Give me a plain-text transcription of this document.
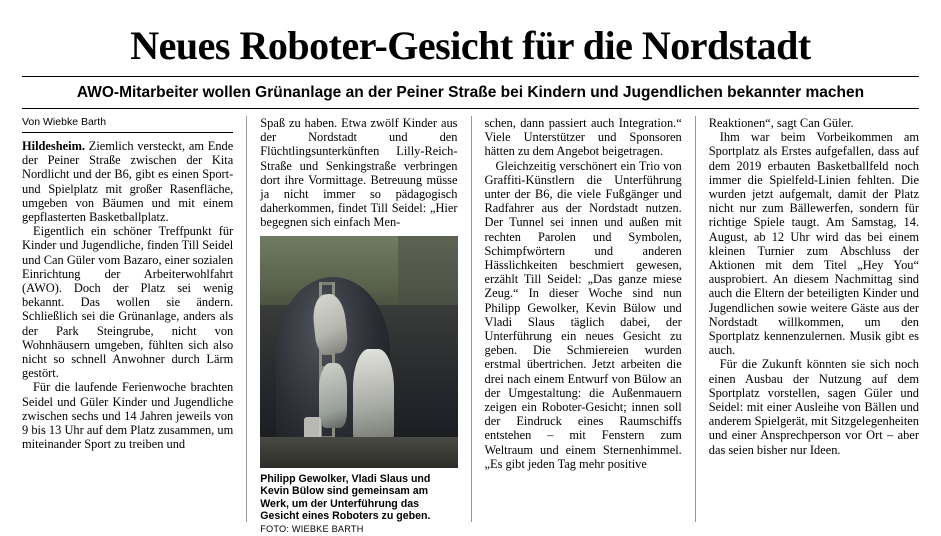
Neues Roboter-Gesicht für die Nordstadt
AWO-Mitarbeiter wollen Grünanlage an der Peiner Straße bei Kindern und Jugendlichen bekannter machen
Von Wiebke Barth

Hildesheim. Ziemlich versteckt, am Ende der Peiner Straße zwischen der Kita Nordlicht und der B6, gibt es einen Sport- und Spielplatz mit großer Rasenfläche, umgeben von Bäumen und mit einem gepflasterten Basketballplatz.

Eigentlich ein schöner Treffpunkt für Kinder und Jugendliche, finden Till Seidel und Can Güler vom Bazaro, einer sozialen Einrichtung der Arbeiterwohlfahrt (AWO). Doch der Platz sei wenig bekannt. Das wollen sie ändern. Schließlich sei die Grünanlage, anders als der Park Steingrube, nicht von Wohnhäusern umgeben, fühlten sich also nicht so schnell Anwohner durch Lärm gestört.

Für die laufende Ferienwoche brachten Seidel und Güler Kinder und Jugendliche zwischen sechs und 14 Jahren jeweils von 9 bis 13 Uhr auf dem Platz zusammen, um miteinander Sport zu treiben und

Spaß zu haben. Etwa zwölf Kinder aus der Nordstadt und den Flüchtlingsunterkünften Lilly-Reich-Straße und Senkingstraße verbringen dort ihre Vormittage. Betreuung müsse ja nicht immer so pädagogisch daherkommen, findet Till Seidel: „Hier begegnen sich einfach Men-

Philipp Gewolker, Vladi Slaus und Kevin Bülow sind gemeinsam am Werk, um der Unterführung das Gesicht eines Roboters zu geben. FOTO: WIEBKE BARTH

schen, dann passiert auch Integration.“ Viele Unterstützer und Sponsoren hätten zu dem Angebot beigetragen.

Gleichzeitig verschönert ein Trio von Graffiti-Künstlern die Unterführung unter der B6, die viele Fußgänger und Radfahrer aus der Nordstadt nutzen. Der Tunnel sei innen und außen mit rechten Parolen und Symbolen, Schimpfwörtern und anderen Hässlichkeiten beschmiert gewesen, erzählt Till Seidel: „Das ganze miese Zeug.“ In dieser Woche sind nun Philipp Gewolker, Kevin Bülow und Vladi Slaus täglich dabei, der Unterführung ein neues Gesicht zu geben. Die Schmiereien wurden erstmal übertrichen. Jetzt arbeiten die drei nach einem Entwurf von Bülow an der Umgestaltung: die Außenmauern zeigen ein Roboter-Gesicht; innen soll der Eindruck eines Raumschiffs entstehen – mit Fenstern zum Weltraum und einem Sternenhimmel. „Es gibt jeden Tag mehr positive

Reaktionen“, sagt Can Güler.

Ihm war beim Vorbeikommen am Sportplatz als Erstes aufgefallen, dass auf dem 2019 erbauten Basketballfeld noch immer die Spielfeld-Linien fehlten. Die wurden jetzt aufgemalt, damit der Platz nicht nur zum Bällewerfen, sondern für richtige Spiele taugt. Am Samstag, 14. August, ab 12 Uhr wird das bei einem kleinen Turnier zum Abschluss der Aktionen mit dem Titel „Hey You“ ausprobiert. An diesem Nachmittag sind auch die Eltern der beteiligten Kinder und Jugendlichen sowie weitere Gäste aus der Nordstadt willkommen, um den Sportplatz kennenzulernen. Musik gibt es auch.

Für die Zukunft könnten sie sich noch einen Ausbau der Nutzung auf dem Sportplatz vorstellen, sagen Güler und Seidel: mit einer Ausleihe von Bällen und anderem Spielgerät, mit Sitzgelegenheiten und einer Ansprechperson vor Ort – aber das seien bisher nur Ideen.
